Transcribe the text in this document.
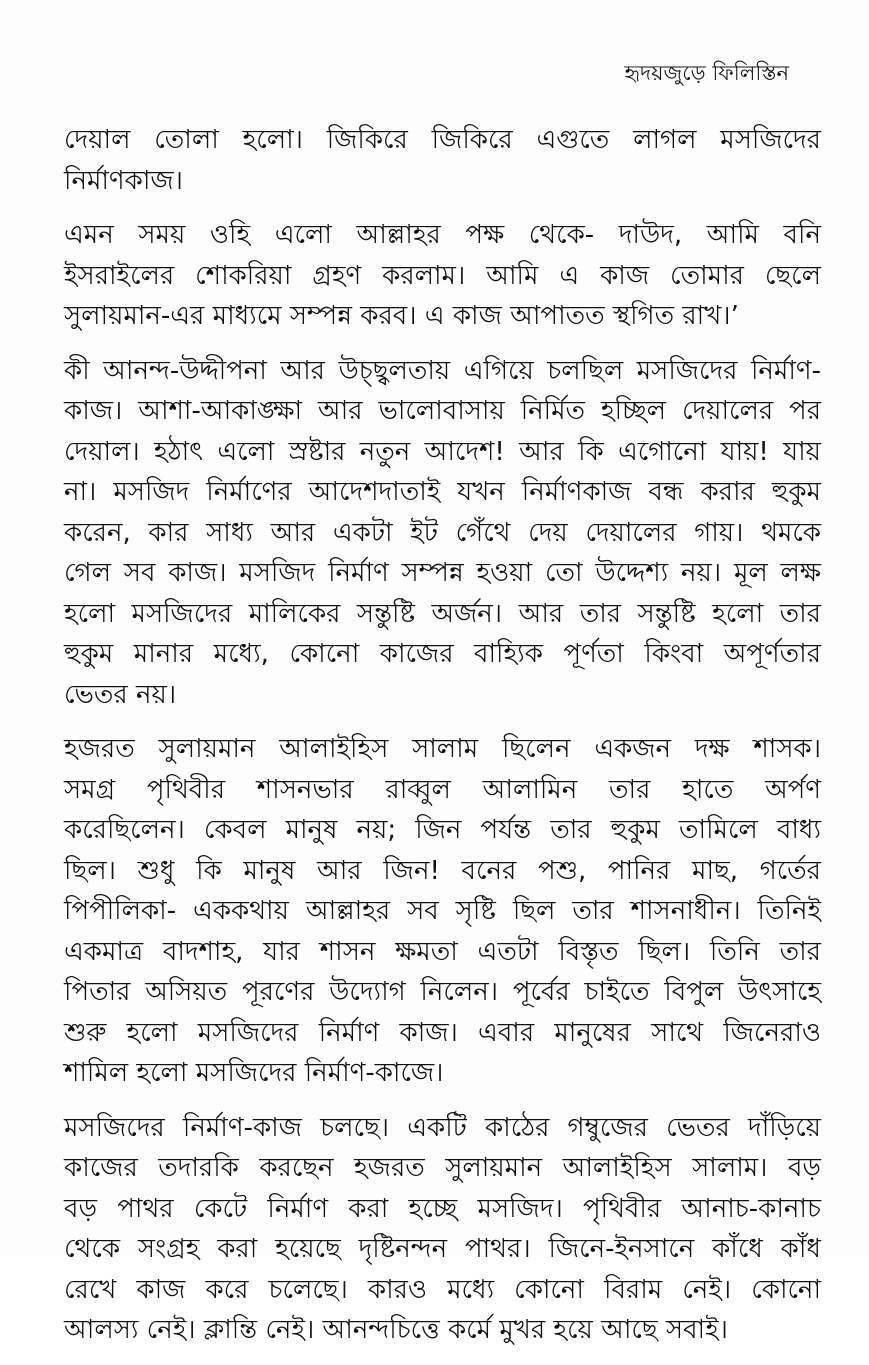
হৃদয়জুড়ে ফিলিস্তিন

দেয়াল তোলা হলো। জিকিরে জিকিরে এগুতে লাগল মসজিদের
নির্মাণকাজ।

এমন সময় ওহি এলো আল্লাহর পক্ষ থেকে- দাউদ, আমি বনি
ইসরাইলের শোকরিয়া গ্রহণ করলাম। আমি এ কাজ তোমার ছেলে
সুলায়মান-এর মাধ্যমে সম্পন্ন করব। এ কাজ আপাতত স্থগিত রাখ।’

কী আনন্দ-উদ্দীপনা আর উচ্ছ্বলতায় এগিয়ে চলছিল মসজিদের নির্মাণ-
কাজ। আশা-আকাঙ্ক্ষা আর ভালোবাসায় নির্মিত হচ্ছিল দেয়ালের পর
দেয়াল। হঠাৎ এলো স্রষ্টার নতুন আদেশ! আর কি এগোনো যায়! যায়
না। মসজিদ নির্মাণের আদেশদাতাই যখন নির্মাণকাজ বন্ধ করার হুকুম
করেন, কার সাধ্য আর একটা ইট গেঁথে দেয় দেয়ালের গায়। থমকে
গেল সব কাজ। মসজিদ নির্মাণ সম্পন্ন হওয়া তো উদ্দেশ্য নয়। মূল লক্ষ
হলো মসজিদের মালিকের সন্তুষ্টি অর্জন। আর তার সন্তুষ্টি হলো তার
হুকুম মানার মধ্যে, কোনো কাজের বাহ্যিক পূর্ণতা কিংবা অপূর্ণতার
ভেতর নয়।

হজরত সুলায়মান আলাইহিস সালাম ছিলেন একজন দক্ষ শাসক।
সমগ্র পৃথিবীর শাসনভার রাব্বুল আলামিন তার হাতে অর্পণ
করেছিলেন। কেবল মানুষ নয়; জিন পর্যন্ত তার হুকুম তামিলে বাধ্য
ছিল। শুধু কি মানুষ আর জিন! বনের পশু, পানির মাছ, গর্তের
পিপীলিকা- এককথায় আল্লাহর সব সৃষ্টি ছিল তার শাসনাধীন। তিনিই
একমাত্র বাদশাহ, যার শাসন ক্ষমতা এতটা বিস্তৃত ছিল। তিনি তার
পিতার অসিয়ত পূরণের উদ্যোগ নিলেন। পূর্বের চাইতে বিপুল উৎসাহে
শুরু হলো মসজিদের নির্মাণ কাজ। এবার মানুষের সাথে জিনেরাও
শামিল হলো মসজিদের নির্মাণ-কাজে।

মসজিদের নির্মাণ-কাজ চলছে। একটি কাঠের গম্বুজের ভেতর দাঁড়িয়ে
কাজের তদারকি করছেন হজরত সুলায়মান আলাইহিস সালাম। বড়
বড় পাথর কেটে নির্মাণ করা হচ্ছে মসজিদ। পৃথিবীর আনাচ-কানাচ
থেকে সংগ্রহ করা হয়েছে দৃষ্টিনন্দন পাথর। জিনে-ইনসানে কাঁধে কাঁধ
রেখে কাজ করে চলেছে। কারও মধ্যে কোনো বিরাম নেই। কোনো
আলস্য নেই। ক্লান্তি নেই। আনন্দচিত্তে কর্মে মুখর হয়ে আছে সবাই।
